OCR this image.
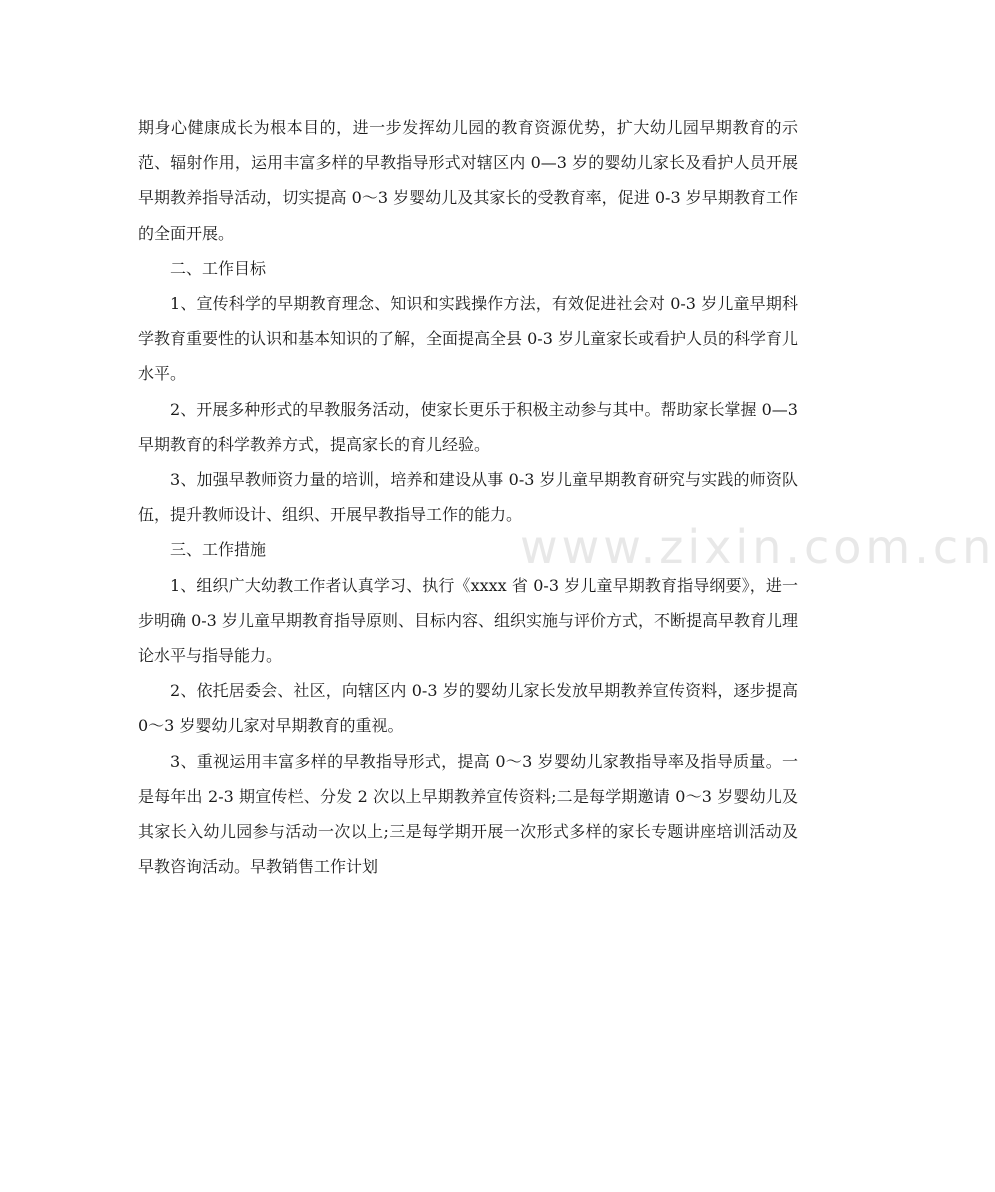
www.zixin.com.cn

期身心健康成长为根本目的，进一步发挥幼儿园的教育资源优势，扩大幼儿园早期教育的示范、辐射作用，运用丰富多样的早教指导形式对辖区内 0—3 岁的婴幼儿家长及看护人员开展早期教养指导活动，切实提高 0～3 岁婴幼儿及其家长的受教育率，促进 0-3 岁早期教育工作的全面开展。

二、工作目标

1、宣传科学的早期教育理念、知识和实践操作方法，有效促进社会对 0-3 岁儿童早期科学教育重要性的认识和基本知识的了解，全面提高全县 0-3 岁儿童家长或看护人员的科学育儿水平。

2、开展多种形式的早教服务活动，使家长更乐于积极主动参与其中。帮助家长掌握 0—3 早期教育的科学教养方式，提高家长的育儿经验。

3、加强早教师资力量的培训，培养和建设从事 0-3 岁儿童早期教育研究与实践的师资队伍，提升教师设计、组织、开展早教指导工作的能力。

三、工作措施

1、组织广大幼教工作者认真学习、执行《xxxx 省 0-3 岁儿童早期教育指导纲要》，进一步明确 0-3 岁儿童早期教育指导原则、目标内容、组织实施与评价方式，不断提高早教育儿理论水平与指导能力。

2、依托居委会、社区，向辖区内 0-3 岁的婴幼儿家长发放早期教养宣传资料，逐步提高 0～3 岁婴幼儿家对早期教育的重视。

3、重视运用丰富多样的早教指导形式，提高 0～3 岁婴幼儿家教指导率及指导质量。一是每年出 2-3 期宣传栏、分发 2 次以上早期教养宣传资料;二是每学期邀请 0～3 岁婴幼儿及其家长入幼儿园参与活动一次以上;三是每学期开展一次形式多样的家长专题讲座培训活动及早教咨询活动。早教销售工作计划
